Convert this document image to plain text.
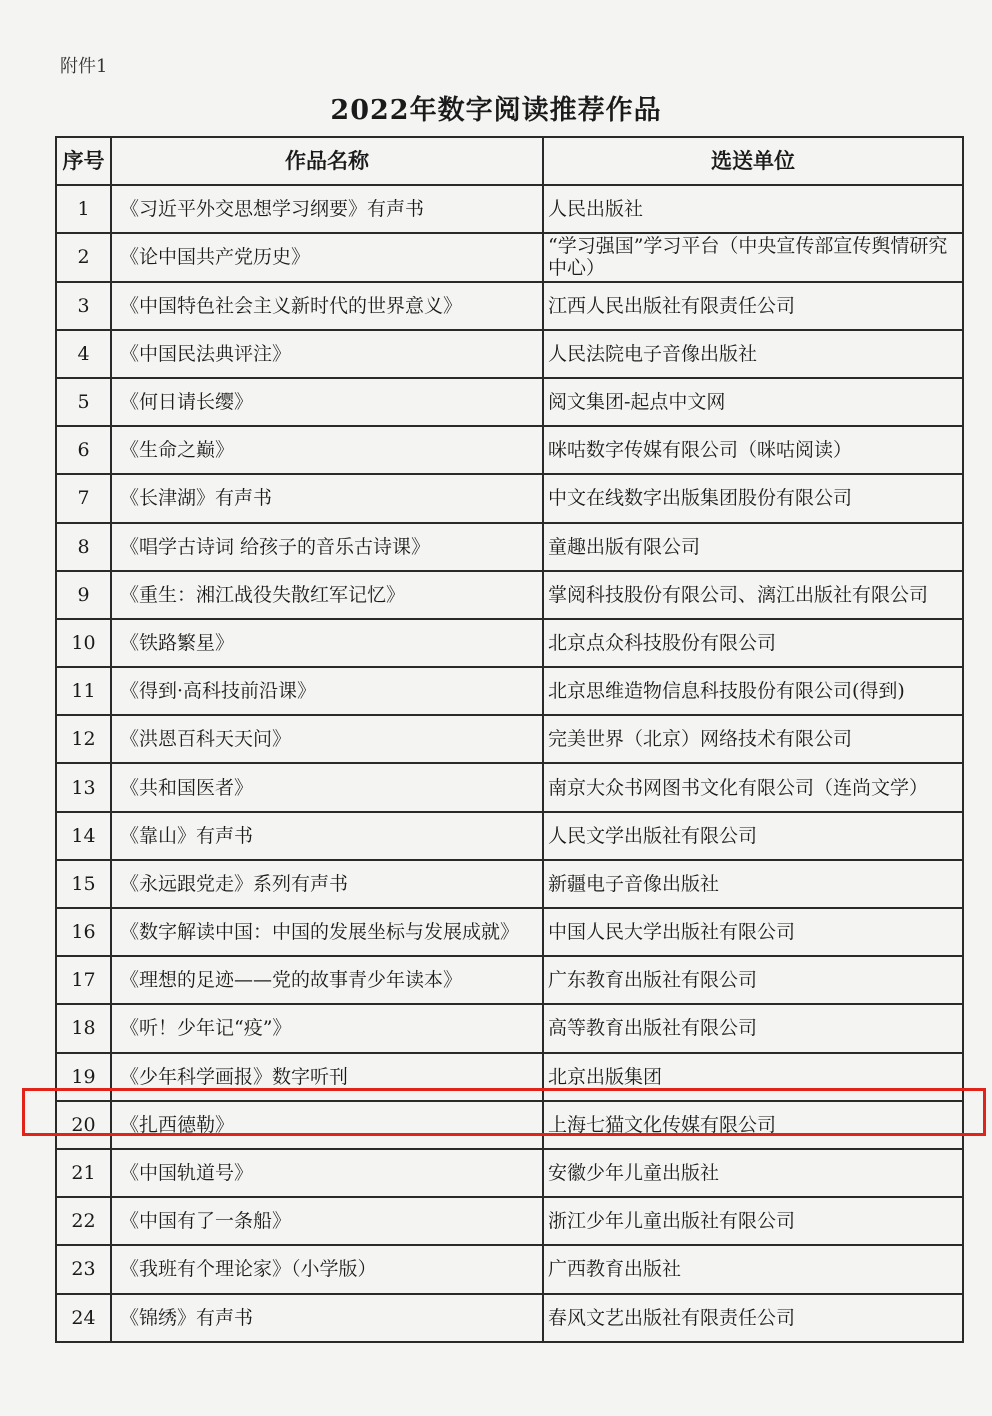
附件1
2022年数字阅读推荐作品
序号	作品名称	选送单位
1	《习近平外交思想学习纲要》有声书	人民出版社
2	《论中国共产党历史》	“学习强国”学习平台（中央宣传部宣传舆情研究中心）
3	《中国特色社会主义新时代的世界意义》	江西人民出版社有限责任公司
4	《中国民法典评注》	人民法院电子音像出版社
5	《何日请长缨》	阅文集团-起点中文网
6	《生命之巅》	咪咕数字传媒有限公司（咪咕阅读）
7	《长津湖》有声书	中文在线数字出版集团股份有限公司
8	《唱学古诗词 给孩子的音乐古诗课》	童趣出版有限公司
9	《重生：湘江战役失散红军记忆》	掌阅科技股份有限公司、漓江出版社有限公司
10	《铁路繁星》	北京点众科技股份有限公司
11	《得到·高科技前沿课》	北京思维造物信息科技股份有限公司(得到)
12	《洪恩百科天天问》	完美世界（北京）网络技术有限公司
13	《共和国医者》	南京大众书网图书文化有限公司（连尚文学）
14	《靠山》有声书	人民文学出版社有限公司
15	《永远跟党走》系列有声书	新疆电子音像出版社
16	《数字解读中国：中国的发展坐标与发展成就》	中国人民大学出版社有限公司
17	《理想的足迹——党的故事青少年读本》	广东教育出版社有限公司
18	《听！少年记“疫”》	高等教育出版社有限公司
19	《少年科学画报》数字听刊	北京出版集团
20	《扎西德勒》	上海七猫文化传媒有限公司
21	《中国轨道号》	安徽少年儿童出版社
22	《中国有了一条船》	浙江少年儿童出版社有限公司
23	《我班有个理论家》（小学版）	广西教育出版社
24	《锦绣》有声书	春风文艺出版社有限责任公司
